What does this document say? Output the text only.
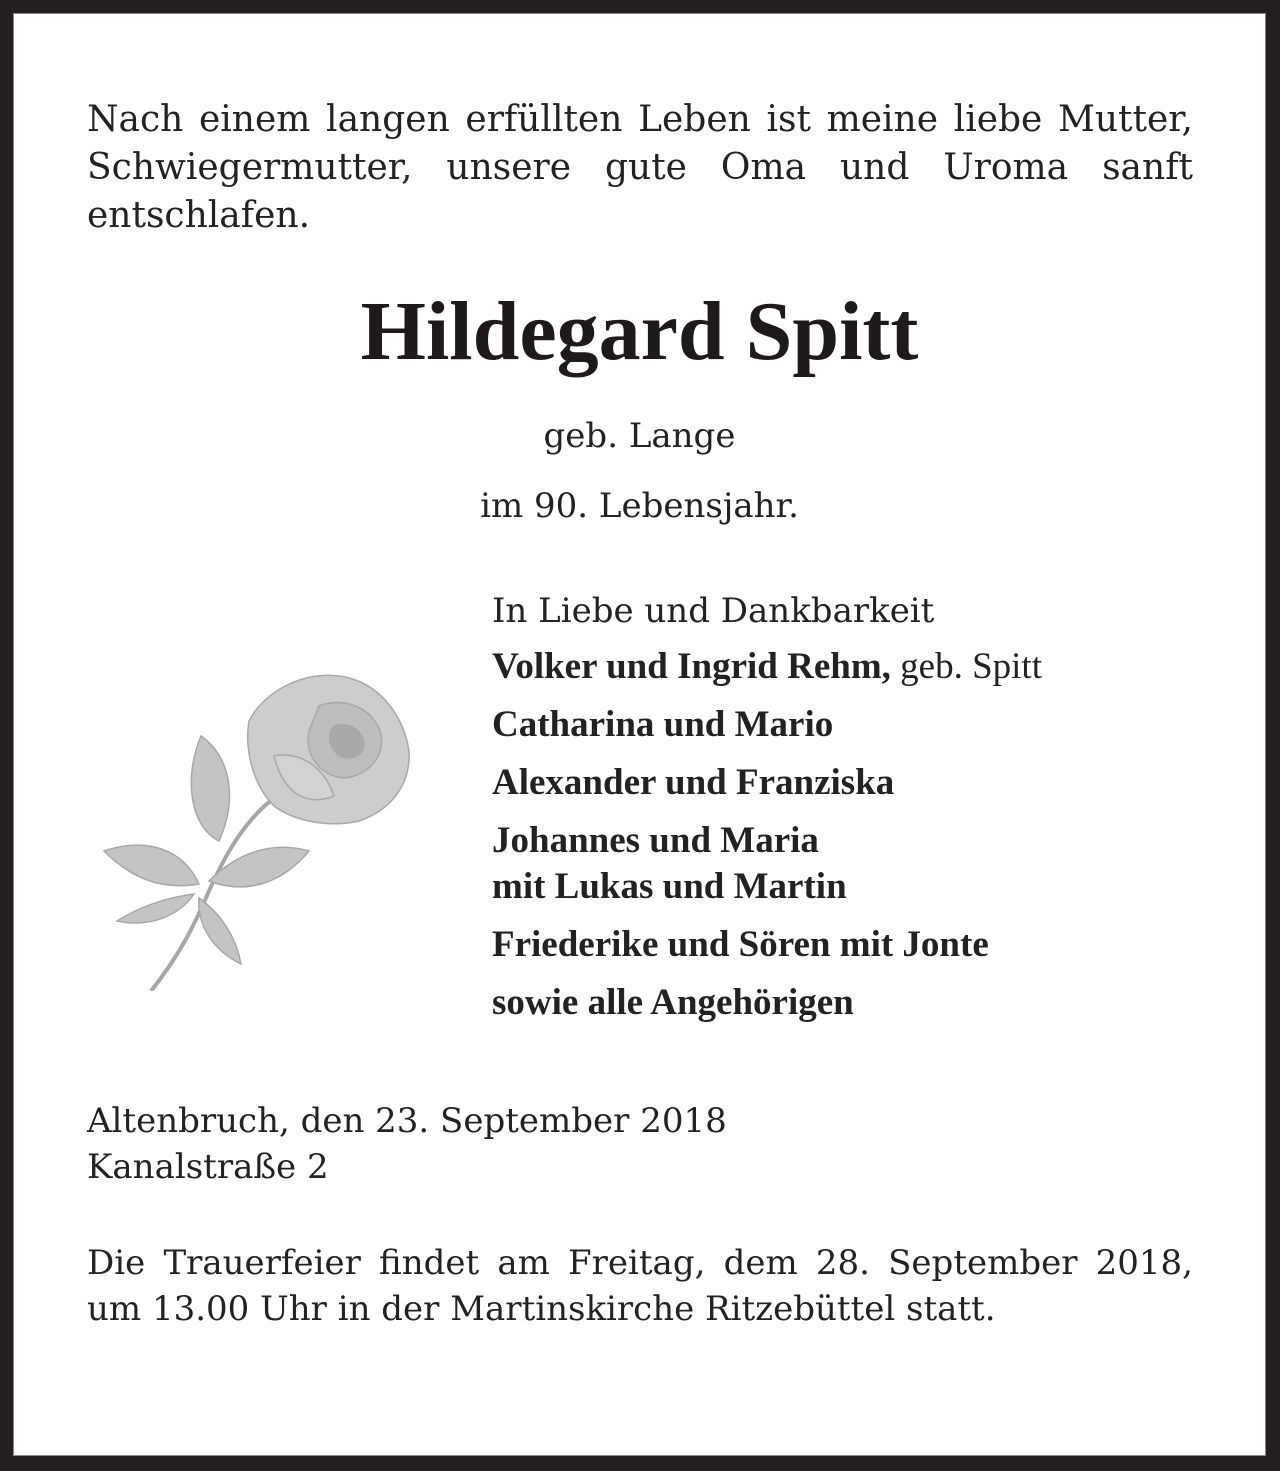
Nach einem langen erfüllten Leben ist meine liebe Mutter, Schwiegermutter, unsere gute Oma und Uroma sanft entschlafen.
Hildegard Spitt
geb. Lange
im 90. Lebensjahr.
In Liebe und Dankbarkeit
Volker und Ingrid Rehm, geb. Spitt
Catharina und Mario
Alexander und Franziska
Johannes und Maria
mit Lukas und Martin
Friederike und Sören mit Jonte
sowie alle Angehörigen
Altenbruch, den 23. September 2018
Kanalstraße 2
Die Trauerfeier findet am Freitag, dem 28. September 2018, um 13.00 Uhr in der Martinskirche Ritzebüttel statt.
